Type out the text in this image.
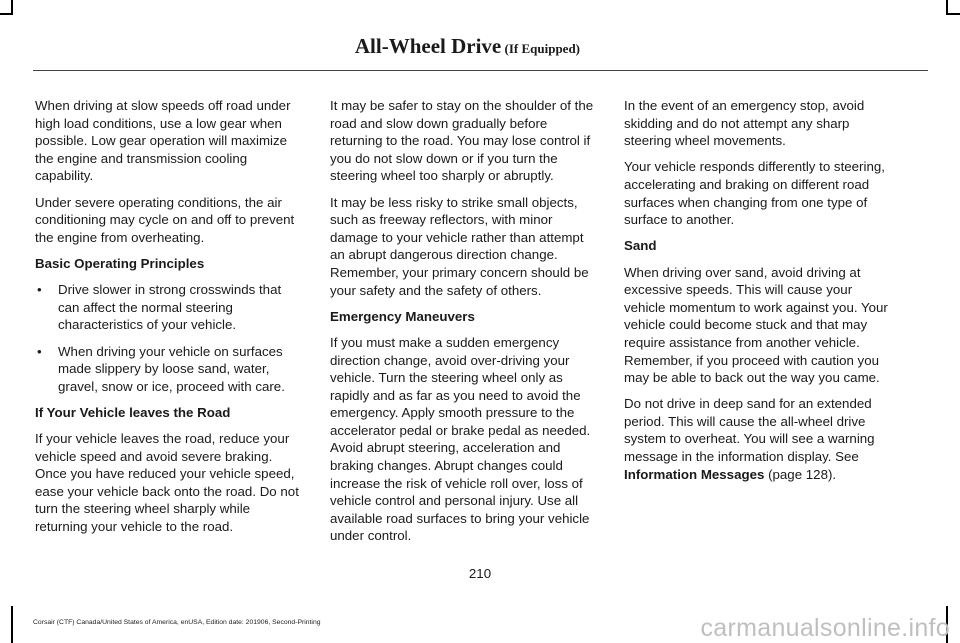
All-Wheel Drive (If Equipped)

When driving at slow speeds off road under high load conditions, use a low gear when possible. Low gear operation will maximize the engine and transmission cooling capability.

Under severe operating conditions, the air conditioning may cycle on and off to prevent the engine from overheating.

Basic Operating Principles
• Drive slower in strong crosswinds that can affect the normal steering characteristics of your vehicle.
• When driving your vehicle on surfaces made slippery by loose sand, water, gravel, snow or ice, proceed with care.
If Your Vehicle leaves the Road

If your vehicle leaves the road, reduce your vehicle speed and avoid severe braking. Once you have reduced your vehicle speed, ease your vehicle back onto the road. Do not turn the steering wheel sharply while returning your vehicle to the road.

It may be safer to stay on the shoulder of the road and slow down gradually before returning to the road. You may lose control if you do not slow down or if you turn the steering wheel too sharply or abruptly.

It may be less risky to strike small objects, such as freeway reflectors, with minor damage to your vehicle rather than attempt an abrupt dangerous direction change. Remember, your primary concern should be your safety and the safety of others.

Emergency Maneuvers

If you must make a sudden emergency direction change, avoid over-driving your vehicle. Turn the steering wheel only as rapidly and as far as you need to avoid the emergency. Apply smooth pressure to the accelerator pedal or brake pedal as needed. Avoid abrupt steering, acceleration and braking changes. Abrupt changes could increase the risk of vehicle roll over, loss of vehicle control and personal injury. Use all available road surfaces to bring your vehicle under control.

In the event of an emergency stop, avoid skidding and do not attempt any sharp steering wheel movements.

Your vehicle responds differently to steering, accelerating and braking on different road surfaces when changing from one type of surface to another.

Sand

When driving over sand, avoid driving at excessive speeds. This will cause your vehicle momentum to work against you. Your vehicle could become stuck and that may require assistance from another vehicle. Remember, if you proceed with caution you may be able to back out the way you came.

Do not drive in deep sand for an extended period. This will cause the all-wheel drive system to overheat. You will see a warning message in the information display. See Information Messages (page 128).

210
Corsair (CTF) Canada/United States of America, enUSA, Edition date: 201906, Second-Printing	carmanualsonline.info
